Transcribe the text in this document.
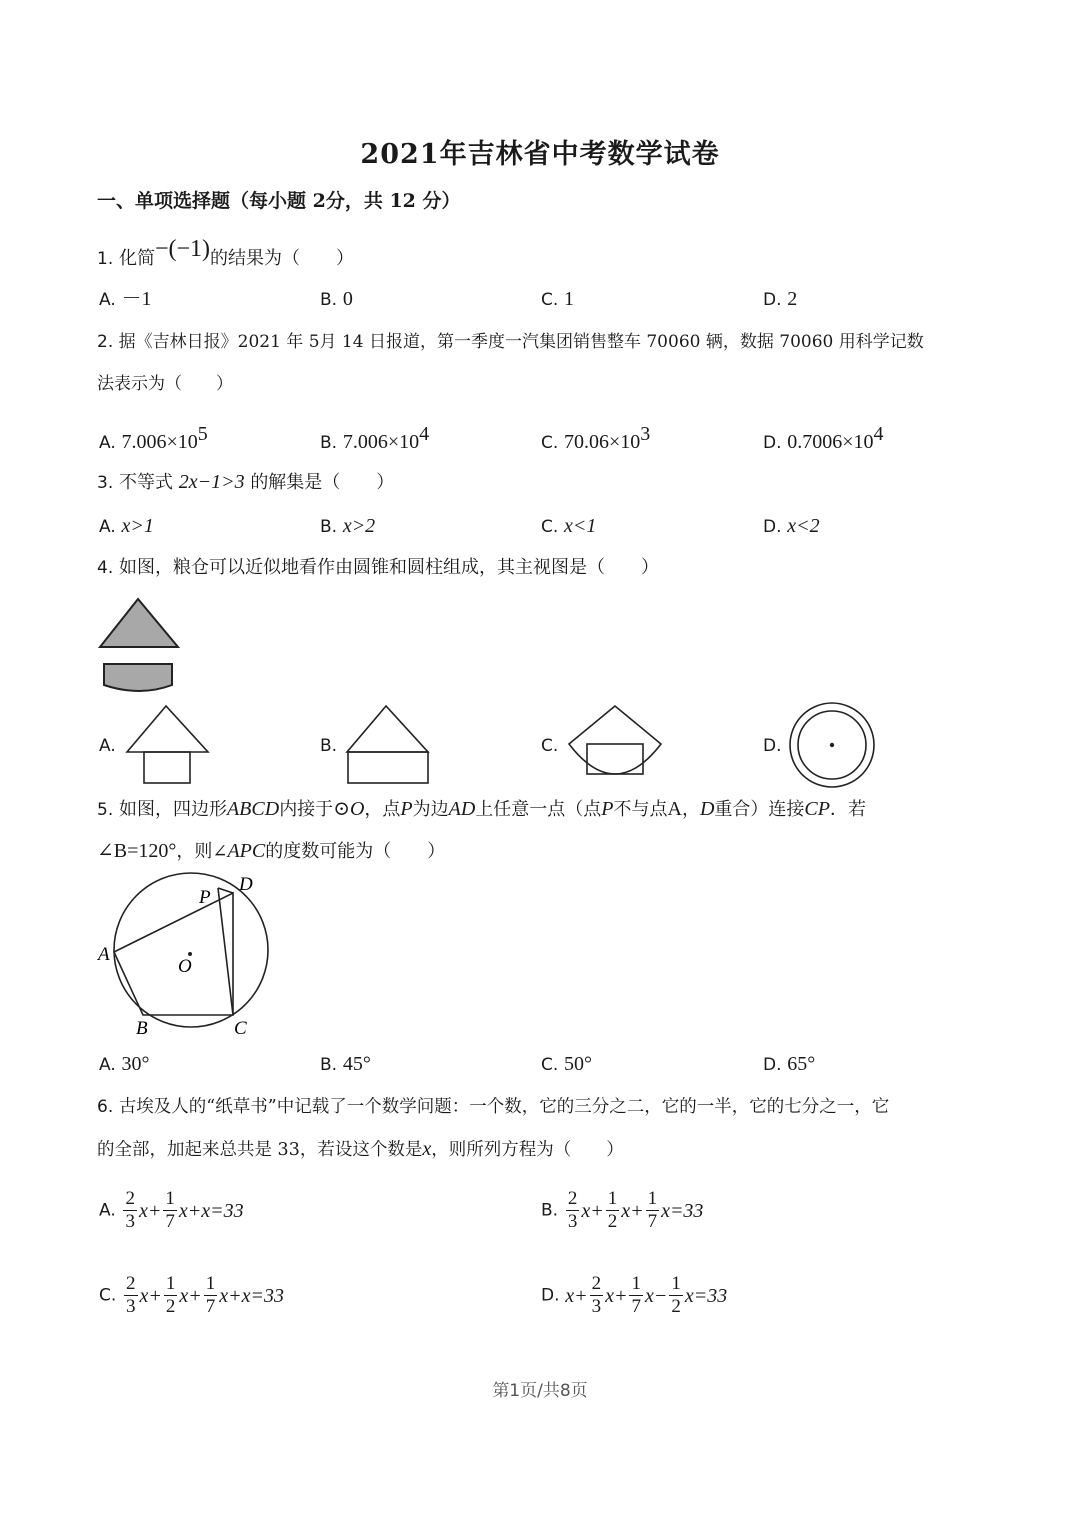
2021年吉林省中考数学试卷
一、单项选择题（每小题 2分，共 12 分）
1. 化简−(−1)的结果为（　　）
A. －1	B. 0	C. 1	D. 2
2. 据《吉林日报》2021 年 5月 14 日报道，第一季度一汽集团销售整车 70060 辆，数据 70060 用科学记数
法表示为（　　）
A. $7.006\times 10^5$	B. $7.006\times 10^4$	C. $70.06\times 10^3$	D. $0.7006\times 10^4$
3. 不等式 2x−1>3 的解集是（　　）
A. x>1	B. x>2	C. x<1	D. x<2
4. 如图，粮仓可以近似地看作由圆锥和圆柱组成，其主视图是（　　）
A.	B.	C.	D.
5. 如图，四边形ABCD内接于⊙O，点P为边AD上任意一点（点P不与点A，D重合）连接CP．若
∠B=120°，则∠APC的度数可能为（　　）
A
B	C
D
P
O
A. 30°	B. 45°	C. 50°	D. 65°
6. 古埃及人的“纸草书”中记载了一个数学问题：一个数，它的三分之二，它的一半，它的七分之一，它
的全部，加起来总共是 33，若设这个数是x，则所列方程为（　　）
A. $\frac{2}{3} x+ \frac{1}{7} x+x=33$	B. $\frac{2}{3} x+ \frac{1}{2} x+ \frac{1}{7} x=33$
C. $\frac{2}{3} x+ \frac{1}{2} x+ \frac{1}{7} x+x=33$	D. $x+ \frac{2}{3} x+ \frac{1}{7} x- \frac{1}{2} x=33$
第1页/共8页
